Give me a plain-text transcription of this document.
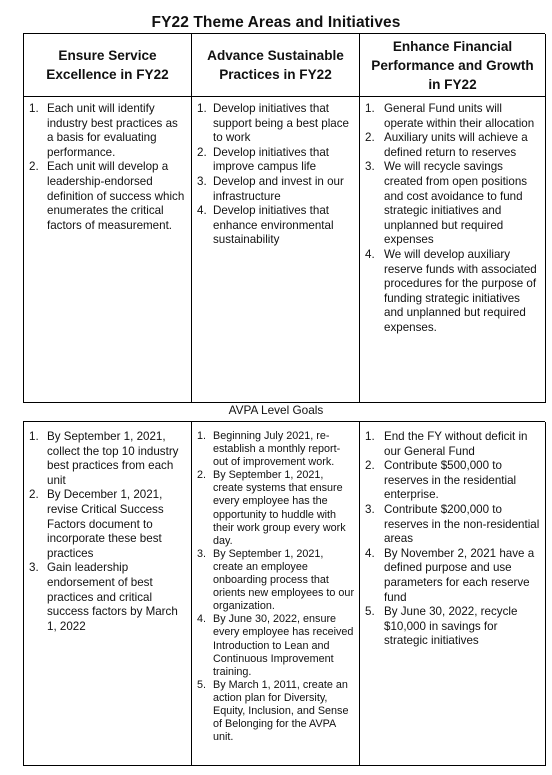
FY22 Theme Areas and Initiatives
Ensure Service Excellence in FY22
Advance Sustainable Practices in FY22
Enhance Financial Performance and Growth in FY22
1. Each unit will identify industry best practices as a basis for evaluating performance.
2. Each unit will develop a leadership-endorsed definition of success which enumerates the critical factors of measurement.
1. Develop initiatives that support being a best place to work
2. Develop initiatives that improve campus life
3. Develop and invest in our infrastructure
4. Develop initiatives that enhance environmental sustainability
1. General Fund units will operate within their allocation
2. Auxiliary units will achieve a defined return to reserves
3. We will recycle savings created from open positions and cost avoidance to fund strategic initiatives and unplanned but required expenses
4. We will develop auxiliary reserve funds with associated procedures for the purpose of funding strategic initiatives and unplanned but required expenses.
AVPA Level Goals
1. By September 1, 2021, collect the top 10 industry best practices from each unit
2. By December 1, 2021, revise Critical Success Factors document to incorporate these best practices
3. Gain leadership endorsement of best practices and critical success factors by March 1, 2022
1. Beginning July 2021, re-establish a monthly report-out of improvement work.
2. By September 1, 2021, create systems that ensure every employee has the opportunity to huddle with their work group every work day.
3. By September 1, 2021, create an employee onboarding process that orients new employees to our organization.
4. By June 30, 2022, ensure every employee has received Introduction to Lean and Continuous Improvement training.
5. By March 1, 2011, create an action plan for Diversity, Equity, Inclusion, and Sense of Belonging for the AVPA unit.
1. End the FY without deficit in our General Fund
2. Contribute $500,000 to reserves in the residential enterprise.
3. Contribute $200,000 to reserves in the non-residential areas
4. By November 2, 2021 have a defined purpose and use parameters for each reserve fund
5. By June 30, 2022, recycle $10,000 in savings for strategic initiatives
